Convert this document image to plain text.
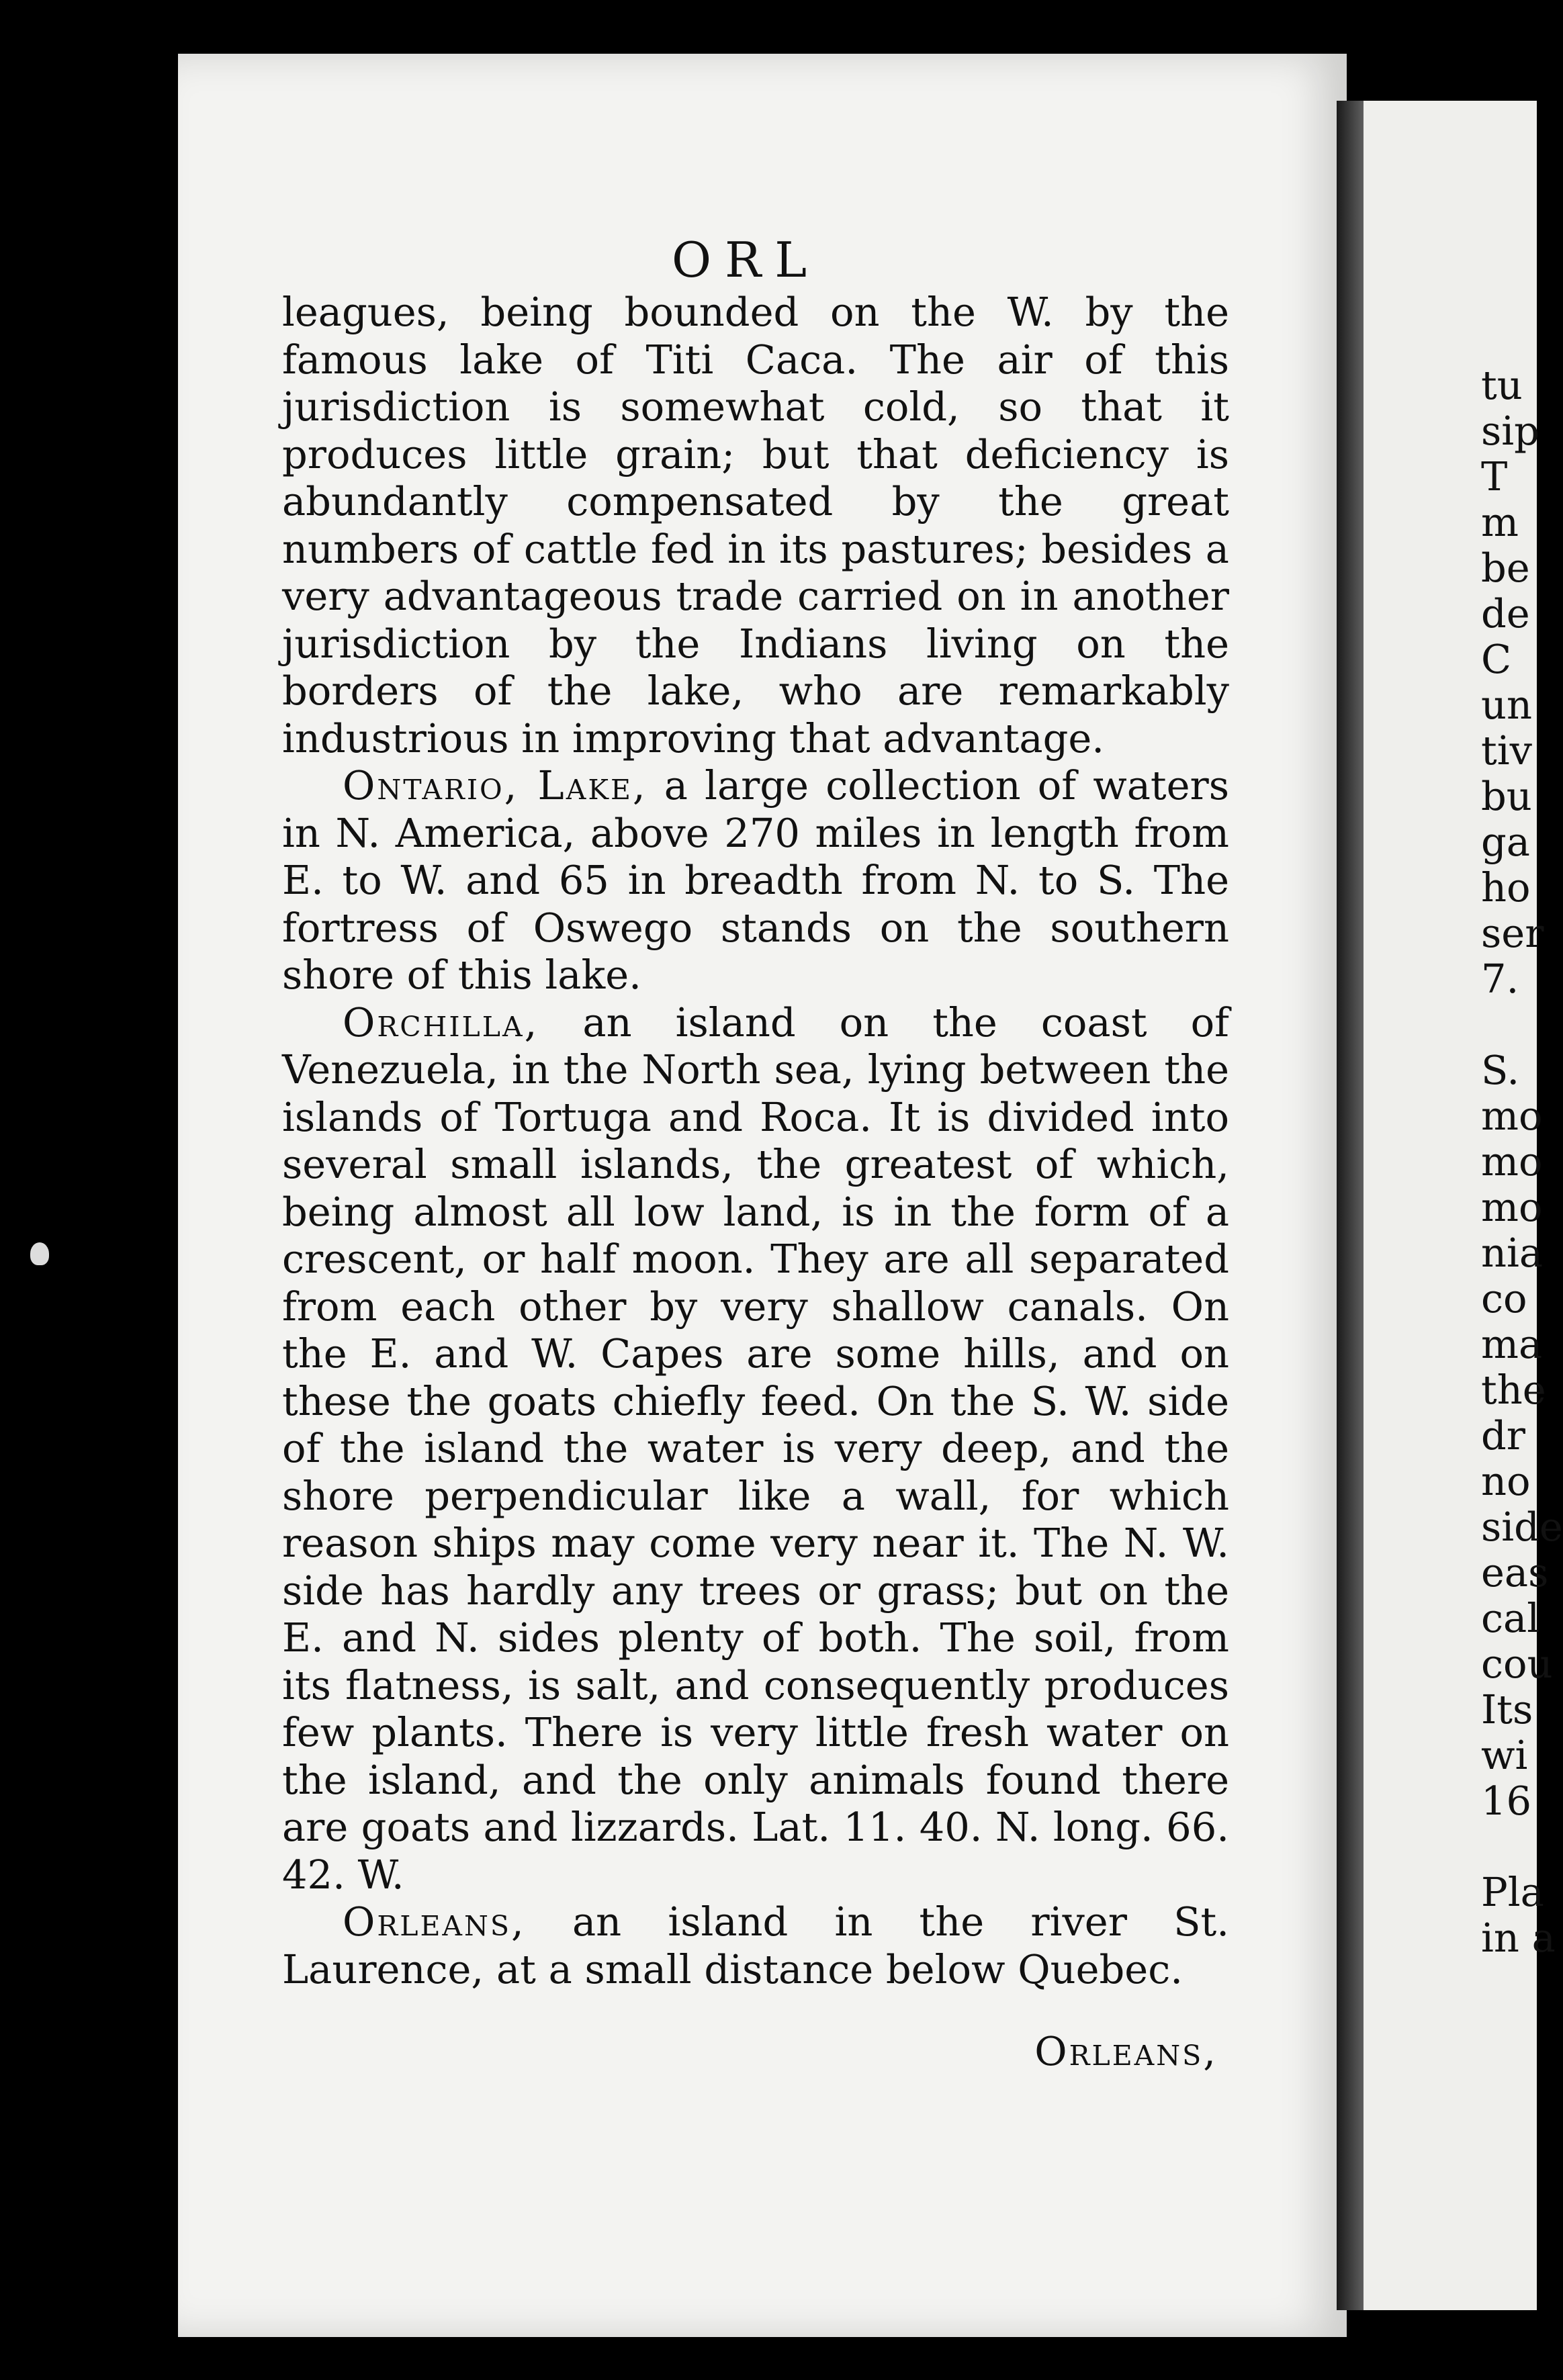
ORL

leagues, being bounded on the W. by the famous lake of Titi Caca. The air of this jurisdiction is somewhat cold, so that it produces little grain; but that deficiency is abundantly compensated by the great numbers of cattle fed in its pastures; besides a very advantageous trade carried on in another jurisdiction by the Indians living on the borders of the lake, who are remarkably industrious in improving that advantage.

Ontario, Lake, a large collection of waters in N. America, above 270 miles in length from E. to W. and 65 in breadth from N. to S. The fortress of Oswego stands on the southern shore of this lake.

Orchilla, an island on the coast of Venezuela, in the North sea, lying between the islands of Tortuga and Roca. It is divided into several small islands, the greatest of which, being almost all low land, is in the form of a crescent, or half moon. They are all separated from each other by very shallow canals. On the E. and W. Capes are some hills, and on these the goats chiefly feed. On the S. W. side of the island the water is very deep, and the shore perpendicular like a wall, for which reason ships may come very near it. The N. W. side has hardly any trees or grass; but on the E. and N. sides plenty of both. The soil, from its flatness, is salt, and consequently produces few plants. There is very little fresh water on the island, and the only animals found there are goats and lizzards. Lat. 11. 40. N. long. 66. 42. W.

Orleans, an island in the river St. Laurence, at a small distance below Quebec.

Orleans,
tu
sip
T
m
be
de
C
un
tiv
bu
ga
ho
ser
7.
S.
mo
mo
mo
nia
co
ma
the
dr
no
side
eas
cal
cou
Its
wi
16
Pla
in a
